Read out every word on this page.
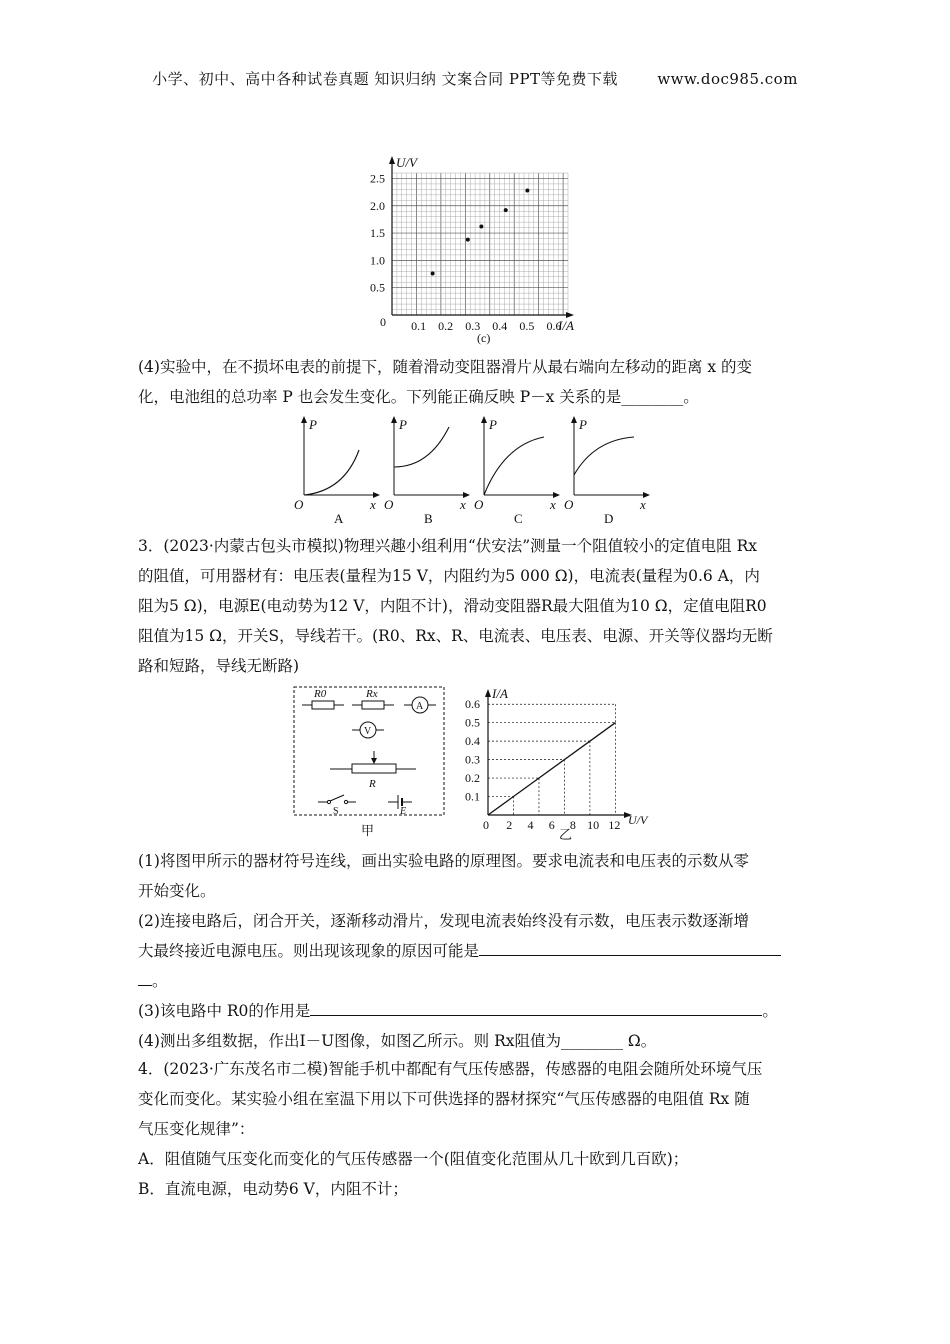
小学、初中、高中各种试卷真题 知识归纳 文案合同 PPT等免费下载	www.doc985.com
U/V
I/A
0
0.5
1.0
1.5
2.0
2.5
0.1 0.2 0.3 0.4 0.5 0.6
(c)
(4)实验中，在不损坏电表的前提下，随着滑动变阻器滑片从最右端向左移动的距离 x 的变
化，电池组的总功率 P 也会发生变化。下列能正确反映 P－x 关系的是________。
P
x
O
A
P
x
O
B
P
x
O
C
P
x
O
D
3．(2023·内蒙古包头市模拟)物理兴趣小组利用“伏安法”测量一个阻值较小的定值电阻 Rx
的阻值，可用器材有：电压表(量程为15 V，内阻约为5 000 Ω)，电流表(量程为0.6 A，内
阻为5 Ω)，电源E(电动势为12 V，内阻不计)，滑动变阻器R最大阻值为10 Ω，定值电阻R0
阻值为15 Ω，开关S，导线若干。(R0、Rx、R、电流表、电压表、电源、开关等仪器均无断
路和短路，导线无断路)
R0	Rx
A
V
R
S	E
甲
I/A
U/V
0
0.1
0.2
0.3
0.4
0.5
0.6
2 4 6 8 10 12
乙
(1)将图甲所示的器材符号连线，画出实验电路的原理图。要求电流表和电压表的示数从零
开始变化。
(2)连接电路后，闭合开关，逐渐移动滑片，发现电流表始终没有示数，电压表示数逐渐增
大最终接近电源电压。则出现该现象的原因可能是
。
(3)该电路中 R0的作用是	。
(4)测出多组数据，作出I－U图像，如图乙所示。则 Rx阻值为________ Ω。
4．(2023·广东茂名市二模)智能手机中都配有气压传感器，传感器的电阻会随所处环境气压
变化而变化。某实验小组在室温下用以下可供选择的器材探究“气压传感器的电阻值 Rx 随
气压变化规律”：
A．阻值随气压变化而变化的气压传感器一个(阻值变化范围从几十欧到几百欧)；
B．直流电源，电动势6 V，内阻不计；
